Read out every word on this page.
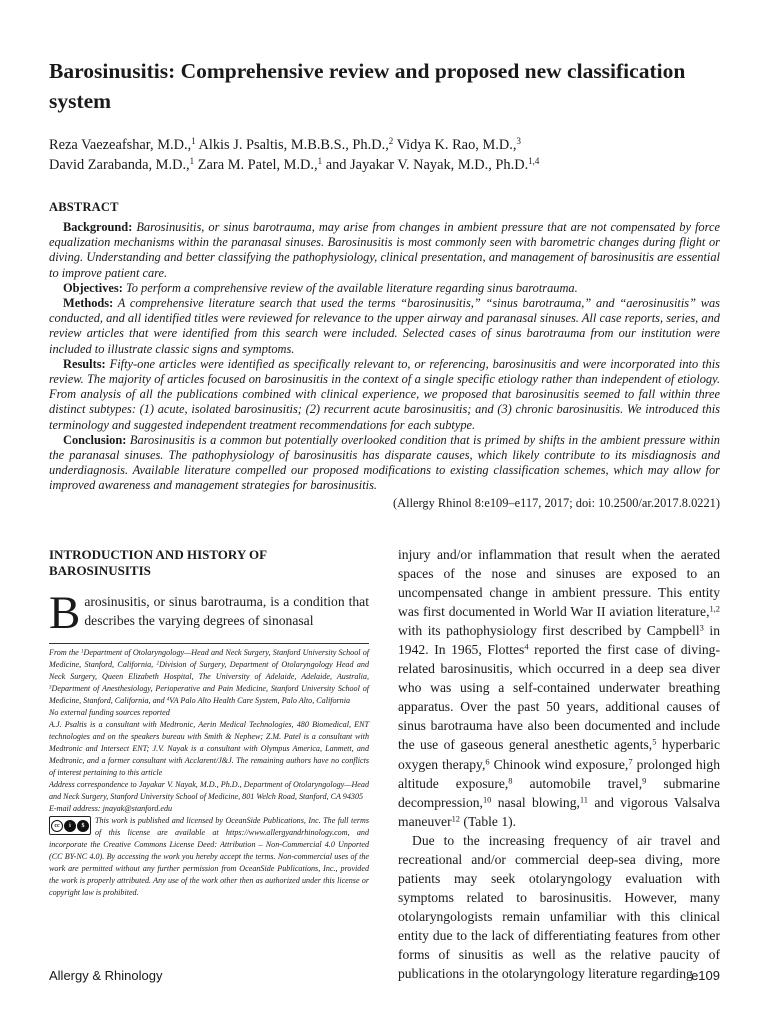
Barosinusitis: Comprehensive review and proposed new classification system
Reza Vaezeafshar, M.D.,$^1$ Alkis J. Psaltis, M.B.B.S., Ph.D.,$^2$ Vidya K. Rao, M.D.,$^3$
David Zarabanda, M.D.,$^1$ Zara M. Patel, M.D.,$^1$ and Jayakar V. Nayak, M.D., Ph.D.$^{1,4}$
ABSTRACT

Background: Barosinusitis, or sinus barotrauma, may arise from changes in ambient pressure that are not compensated by force equalization mechanisms within the paranasal sinuses. Barosinusitis is most commonly seen with barometric changes during flight or diving. Understanding and better classifying the pathophysiology, clinical presentation, and management of barosinusitis are essential to improve patient care.

Objectives: To perform a comprehensive review of the available literature regarding sinus barotrauma.

Methods: A comprehensive literature search that used the terms “barosinusitis,” “sinus barotrauma,” and “aerosinusitis” was conducted, and all identified titles were reviewed for relevance to the upper airway and paranasal sinuses. All case reports, series, and review articles that were identified from this search were included. Selected cases of sinus barotrauma from our institution were included to illustrate classic signs and symptoms.

Results: Fifty-one articles were identified as specifically relevant to, or referencing, barosinusitis and were incorporated into this review. The majority of articles focused on barosinusitis in the context of a single specific etiology rather than independent of etiology. From analysis of all the publications combined with clinical experience, we proposed that barosinusitis seemed to fall within three distinct subtypes: (1) acute, isolated barosinusitis; (2) recurrent acute barosinusitis; and (3) chronic barosinusitis. We introduced this terminology and suggested independent treatment recommendations for each subtype.

Conclusion: Barosinusitis is a common but potentially overlooked condition that is primed by shifts in the ambient pressure within the paranasal sinuses. The pathophysiology of barosinusitis has disparate causes, which likely contribute to its misdiagnosis and underdiagnosis. Available literature compelled our proposed modifications to existing classification schemes, which may allow for improved awareness and management strategies for barosinusitis.

(Allergy Rhinol 8:e109–e117, 2017; doi: 10.2500/ar.2017.8.0221)

INTRODUCTION AND HISTORY OF BAROSINUSITIS
Barosinusitis, or sinus barotrauma, is a condition that describes the varying degrees of sinonasal

From the $^1$Department of Otolaryngology—Head and Neck Surgery, Stanford University School of Medicine, Stanford, California, $^2$Division of Surgery, Department of Otolaryngology Head and Neck Surgery, Queen Elizabeth Hospital, The University of Adelaide, Adelaide, Australia, $^3$Department of Anesthesiology, Perioperative and Pain Medicine, Stanford University School of Medicine, Stanford, California, and $^4$VA Palo Alto Health Care System, Palo Alto, California

No external funding sources reported

A.J. Psaltis is a consultant with Medtronic, Aerin Medical Technologies, 480 Biomedical, ENT technologies and on the speakers bureau with Smith & Nephew; Z.M. Patel is a consultant with Medtronic and Intersect ENT; J.V. Nayak is a consultant with Olympus America, Lanmett, and Medtronic, and a former consultant with Acclarent/J&J. The remaining authors have no conflicts of interest pertaining to this article

Address correspondence to Jayakar V. Nayak, M.D., Ph.D., Department of Otolaryngology—Head and Neck Surgery, Stanford University School of Medicine, 801 Welch Road, Stanford, CA 94305

E-mail address: jnayak@stanford.edu

cc	i	$
This work is published and licensed by OceanSide Publications, Inc. The full terms of this license are available at https://www.allergyandrhinology.com, and incorporate the Creative Commons License Deed: Attribution – Non-Commercial 4.0 Unported (CC BY-NC 4.0). By accessing the work you hereby accept the terms. Non-commercial uses of the work are permitted without any further permission from OceanSide Publications, Inc., provided the work is properly attributed. Any use of the work other then as authorized under this license or copyright law is prohibited.

injury and/or inflammation that result when the aerated spaces of the nose and sinuses are exposed to an uncompensated change in ambient pressure. This entity was first documented in World War II aviation literature,$^{1,2}$ with its pathophysiology first described by Campbell$^3$ in 1942. In 1965, Flottes$^4$ reported the first case of diving-related barosinusitis, which occurred in a deep sea diver who was using a self-contained underwater breathing apparatus. Over the past 50 years, additional causes of sinus barotrauma have also been documented and include the use of gaseous general anesthetic agents,$^5$ hyperbaric oxygen therapy,$^6$ Chinook wind exposure,$^7$ prolonged high altitude exposure,$^8$ automobile travel,$^9$ submarine decompression,$^{10}$ nasal blowing,$^{11}$ and vigorous Valsalva maneuver$^{12}$ (Table 1).

Due to the increasing frequency of air travel and recreational and/or commercial deep-sea diving, more patients may seek otolaryngology evaluation with symptoms related to barosinusitis. However, many otolaryngologists remain unfamiliar with this clinical entity due to the lack of differentiating features from other forms of sinusitis as well as the relative paucity of publications in the otolaryngology literature regarding

Allergy & Rhinology	e109
